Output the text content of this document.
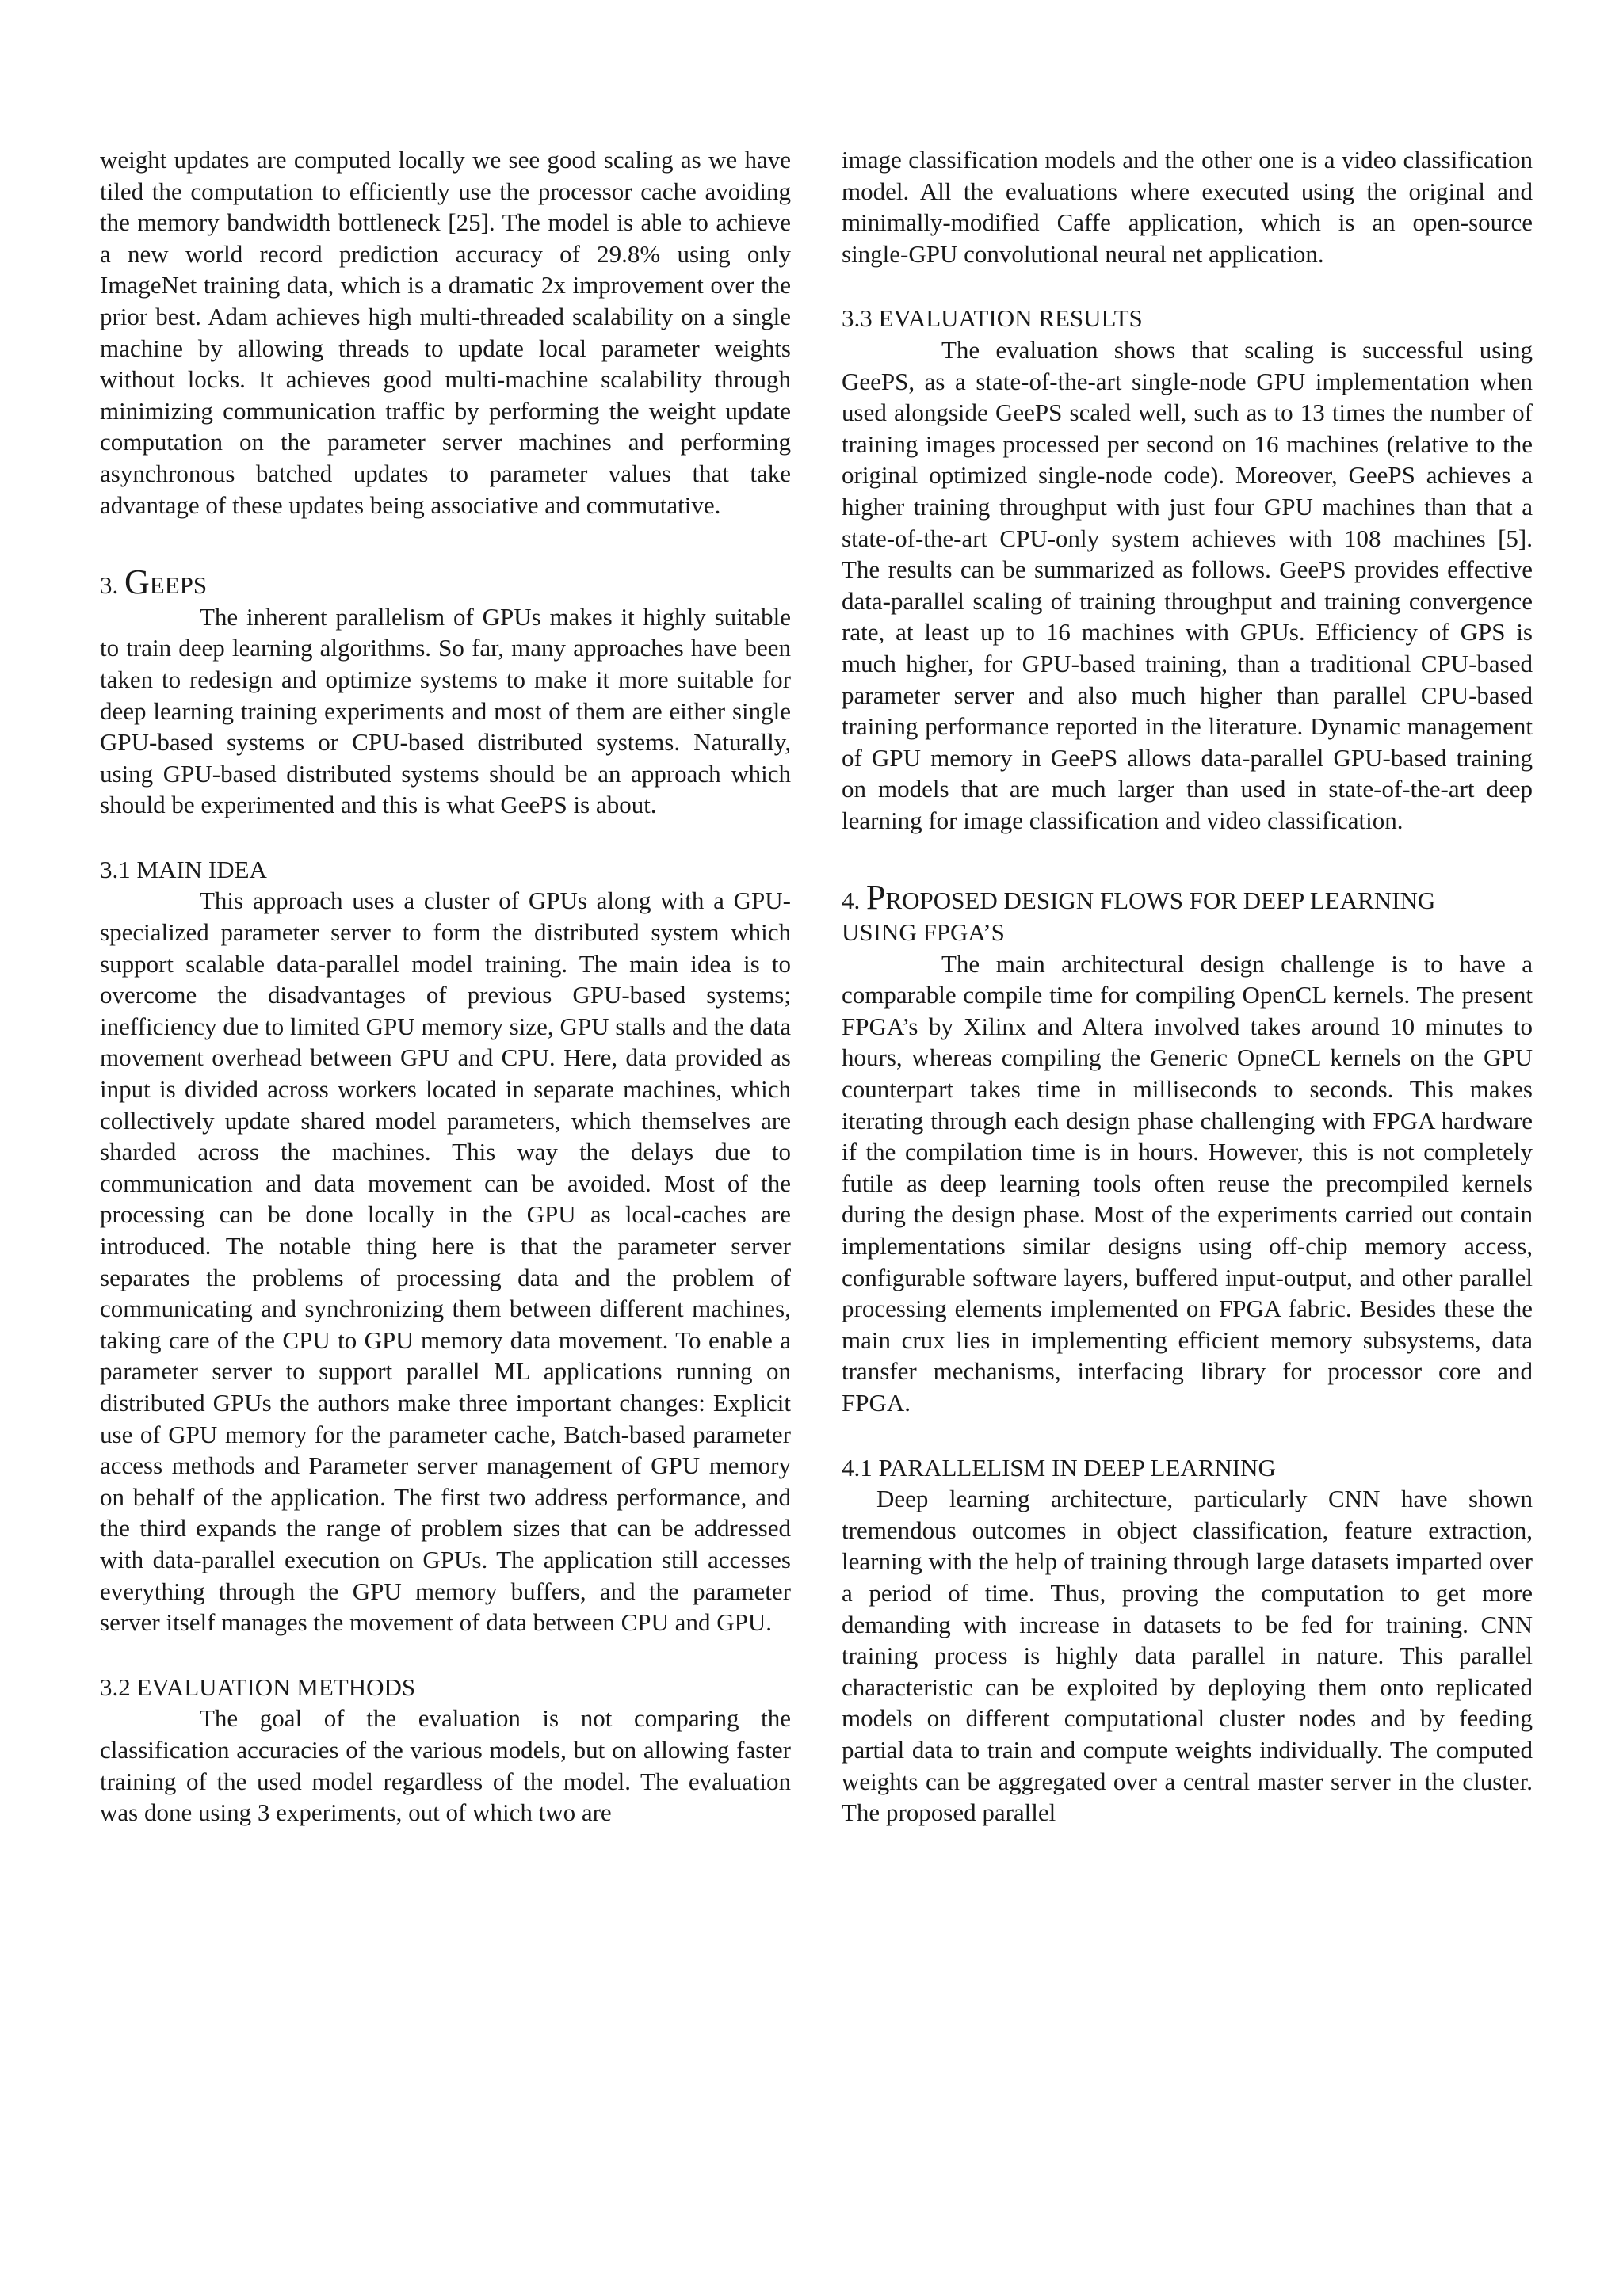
weight updates are computed locally we see good scaling as we have tiled the computation to efficiently use the processor cache avoiding the memory bandwidth bottleneck [25]. The model is able to achieve a new world record prediction accuracy of 29.8% using only ImageNet training data, which is a dramatic 2x improvement over the prior best. Adam achieves high multi-threaded scalability on a single machine by allowing threads to update local parameter weights without locks. It achieves good multi-machine scalability through minimizing communication traffic by performing the weight update computation on the parameter server machines and performing asynchronous batched updates to parameter values that take advantage of these updates being associative and commutative.

3. GEEPS

The inherent parallelism of GPUs makes it highly suitable to train deep learning algorithms. So far, many approaches have been taken to redesign and optimize systems to make it more suitable for deep learning training experiments and most of them are either single GPU-based systems or CPU-based distributed systems. Naturally, using GPU-based distributed systems should be an approach which should be experimented and this is what GeePS is about.

3.1 MAIN IDEA

This approach uses a cluster of GPUs along with a GPU-specialized parameter server to form the distributed system which support scalable data-parallel model training. The main idea is to overcome the disadvantages of previous GPU-based systems; inefficiency due to limited GPU memory size, GPU stalls and the data movement overhead between GPU and CPU. Here, data provided as input is divided across workers located in separate machines, which collectively update shared model parameters, which themselves are sharded across the machines. This way the delays due to communication and data movement can be avoided. Most of the processing can be done locally in the GPU as local-caches are introduced. The notable thing here is that the parameter server separates the problems of processing data and the problem of communicating and synchronizing them between different machines, taking care of the CPU to GPU memory data movement. To enable a parameter server to support parallel ML applications running on distributed GPUs the authors make three important changes: Explicit use of GPU memory for the parameter cache, Batch-based parameter access methods and Parameter server management of GPU memory on behalf of the application. The first two address performance, and the third expands the range of problem sizes that can be addressed with data-parallel execution on GPUs. The application still accesses everything through the GPU memory buffers, and the parameter server itself manages the movement of data between CPU and GPU.

3.2 EVALUATION METHODS

The goal of the evaluation is not comparing the classification accuracies of the various models, but on allowing faster training of the used model regardless of the model. The evaluation was done using 3 experiments, out of which two are

image classification models and the other one is a video classification model. All the evaluations where executed using the original and minimally-modified Caffe application, which is an open-source single-GPU convolutional neural net application.

3.3 EVALUATION RESULTS

The evaluation shows that scaling is successful using GeePS, as a state-of-the-art single-node GPU implementation when used alongside GeePS scaled well, such as to 13 times the number of training images processed per second on 16 machines (relative to the original optimized single-node code). Moreover, GeePS achieves a higher training throughput with just four GPU machines than that a state-of-the-art CPU-only system achieves with 108 machines [5]. The results can be summarized as follows. GeePS provides effective data-parallel scaling of training throughput and training convergence rate, at least up to 16 machines with GPUs. Efficiency of GPS is much higher, for GPU-based training, than a traditional CPU-based parameter server and also much higher than parallel CPU-based training performance reported in the literature. Dynamic management of GPU memory in GeePS allows data-parallel GPU-based training on models that are much larger than used in state-of-the-art deep learning for image classification and video classification.

4. PROPOSED DESIGN FLOWS FOR DEEP LEARNING
USING FPGA’S

The main architectural design challenge is to have a comparable compile time for compiling OpenCL kernels. The present FPGA’s by Xilinx and Altera involved takes around 10 minutes to hours, whereas compiling the Generic OpneCL kernels on the GPU counterpart takes time in milliseconds to seconds. This makes iterating through each design phase challenging with FPGA hardware if the compilation time is in hours. However, this is not completely futile as deep learning tools often reuse the precompiled kernels during the design phase. Most of the experiments carried out contain implementations similar designs using off-chip memory access, configurable software layers, buffered input-output, and other parallel processing elements implemented on FPGA fabric. Besides these the main crux lies in implementing efficient memory subsystems, data transfer mechanisms, interfacing library for processor core and FPGA.

4.1 PARALLELISM IN DEEP LEARNING

Deep learning architecture, particularly CNN have shown tremendous outcomes in object classification, feature extraction, learning with the help of training through large datasets imparted over a period of time. Thus, proving the computation to get more demanding with increase in datasets to be fed for training. CNN training process is highly data parallel in nature. This parallel characteristic can be exploited by deploying them onto replicated models on different computational cluster nodes and by feeding partial data to train and compute weights individually. The computed weights can be aggregated over a central master server in the cluster. The proposed parallel
